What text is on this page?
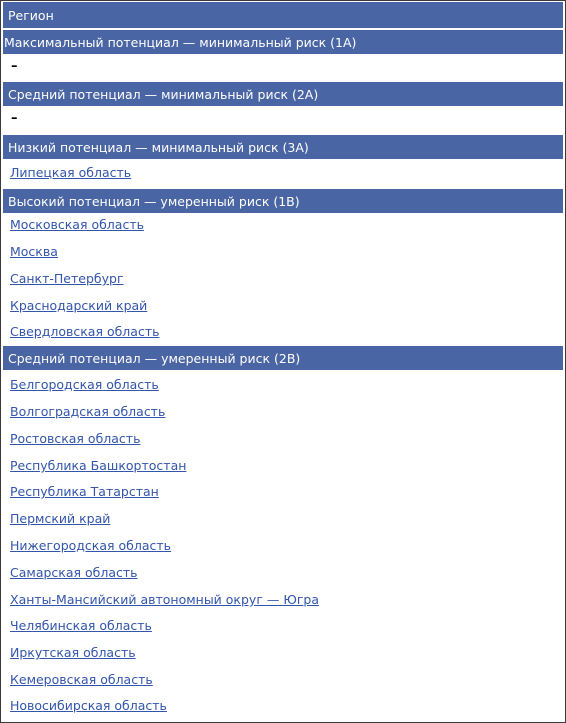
Регион
Максимальный потенциал — минимальный риск (1А)
–
Средний потенциал — минимальный риск (2А)
–
Низкий потенциал — минимальный риск (3А)
Липецкая область
Высокий потенциал — умеренный риск (1В)
Московская область
Москва
Санкт-Петербург
Краснодарский край
Свердловская область
Средний потенциал — умеренный риск (2В)
Белгородская область
Волгоградская область
Ростовская область
Республика Башкортостан
Республика Татарстан
Пермский край
Нижегородская область
Самарская область
Ханты-Мансийский автономный округ — Югра
Челябинская область
Иркутская область
Кемеровская область
Новосибирская область
